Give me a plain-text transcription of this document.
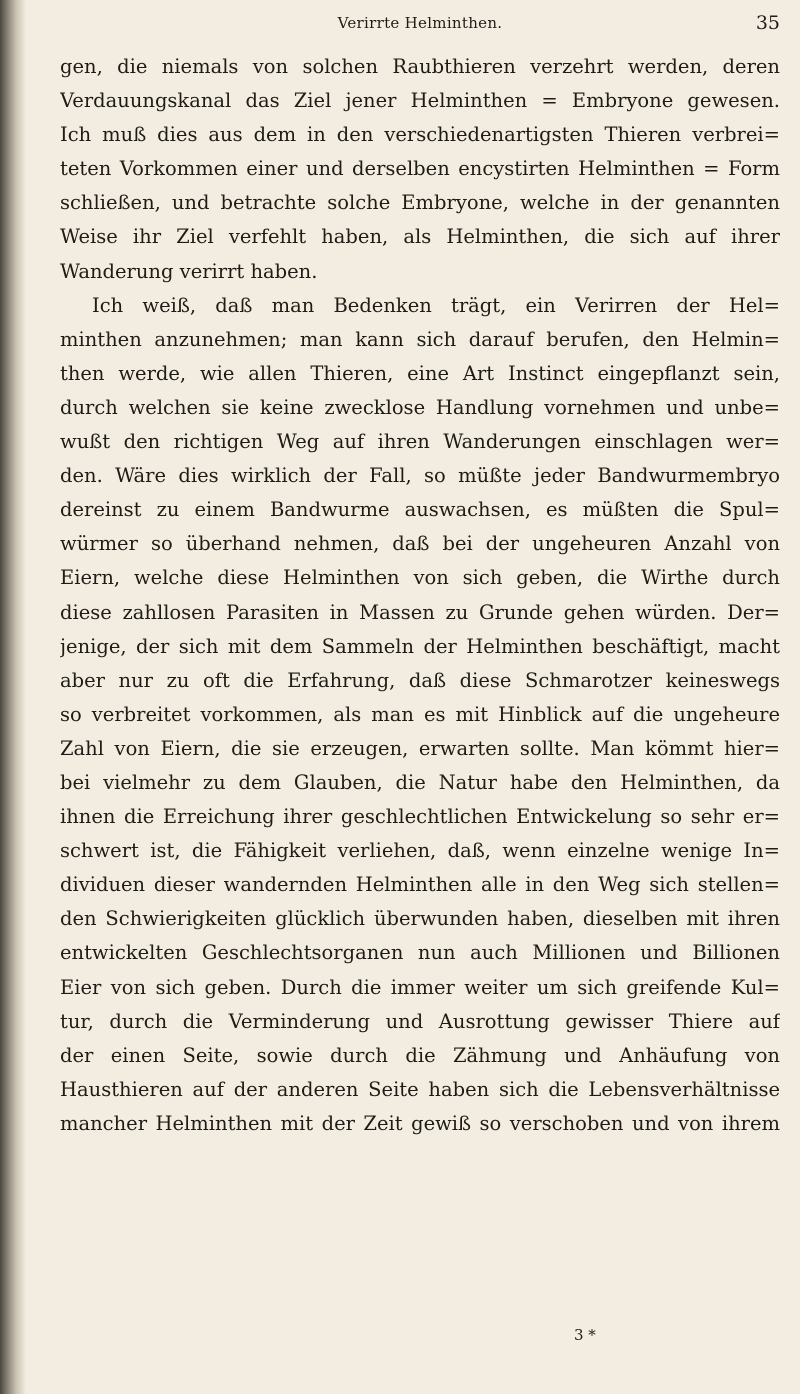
Verirrte Helminthen.	35
gen, die niemals von solchen Raubthieren verzehrt werden, deren
Verdauungskanal das Ziel jener Helminthen = Embryone gewesen.
Ich muß dies aus dem in den verschiedenartigsten Thieren verbrei=
teten Vorkommen einer und derselben encystirten Helminthen = Form
schließen, und betrachte solche Embryone, welche in der genannten
Weise ihr Ziel verfehlt haben, als Helminthen, die sich auf ihrer
Wanderung verirrt haben.
Ich weiß, daß man Bedenken trägt, ein Verirren der Hel=
minthen anzunehmen; man kann sich darauf berufen, den Helmin=
then werde, wie allen Thieren, eine Art Instinct eingepflanzt sein,
durch welchen sie keine zwecklose Handlung vornehmen und unbe=
wußt den richtigen Weg auf ihren Wanderungen einschlagen wer=
den. Wäre dies wirklich der Fall, so müßte jeder Bandwurmembryo
dereinst zu einem Bandwurme auswachsen, es müßten die Spul=
würmer so überhand nehmen, daß bei der ungeheuren Anzahl von
Eiern, welche diese Helminthen von sich geben, die Wirthe durch
diese zahllosen Parasiten in Massen zu Grunde gehen würden. Der=
jenige, der sich mit dem Sammeln der Helminthen beschäftigt, macht
aber nur zu oft die Erfahrung, daß diese Schmarotzer keineswegs
so verbreitet vorkommen, als man es mit Hinblick auf die ungeheure
Zahl von Eiern, die sie erzeugen, erwarten sollte. Man kömmt hier=
bei vielmehr zu dem Glauben, die Natur habe den Helminthen, da
ihnen die Erreichung ihrer geschlechtlichen Entwickelung so sehr er=
schwert ist, die Fähigkeit verliehen, daß, wenn einzelne wenige In=
dividuen dieser wandernden Helminthen alle in den Weg sich stellen=
den Schwierigkeiten glücklich überwunden haben, dieselben mit ihren
entwickelten Geschlechtsorganen nun auch Millionen und Billionen
Eier von sich geben. Durch die immer weiter um sich greifende Kul=
tur, durch die Verminderung und Ausrottung gewisser Thiere auf
der einen Seite, sowie durch die Zähmung und Anhäufung von
Hausthieren auf der anderen Seite haben sich die Lebensverhältnisse
mancher Helminthen mit der Zeit gewiß so verschoben und von ihrem
3 *
